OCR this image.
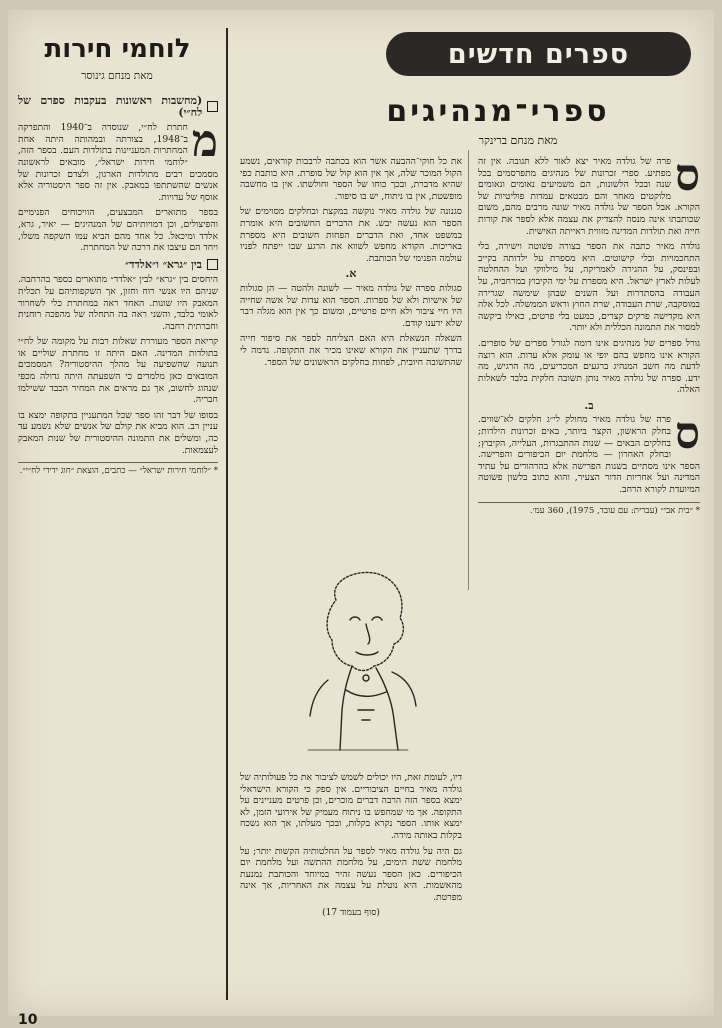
ספרים חדשים
ספרי־מנהיגים
מאת מנחם ברינקר

ס
פרה של גולדה מאיר יצא לאור ללא תגובה. אין זה מפתיע. ספרי זכרונות של מנהיגים מתפרסמים בכל שנה ובכל הלשונות, הם משמיעים נאומים ונאומים מלוקטים מאחר והם מבטאים עמדות פוליטיות של הקורא. אבל הספר של גולדה מאיר שונה מרבים מהם, משום שכותבתו אינה מנסה להצדיק את עצמה אלא לספר את קורות חייה ואת תולדות המדינה מזווית ראייתה האישית.

גולדה מאיר כתבה את הספר בצורה פשוטה וישירה, בלי התחכמויות ובלי קישוטים. היא מספרת על ילדותה בקייב ובפינסק, על ההגירה לאמריקה, על מילווקי ועל ההחלטה לעלות לארץ ישראל. היא מספרת על ימי הקיבוץ במרחביה, על העבודה בהסתדרות ועל השנים שבהן שימשה שגרירה במוסקבה, שרת העבודה, שרת החוץ וראש הממשלה. לכל אלה היא מקדישה פרקים קצרים, כמעט בלי פרטים, כאילו ביקשה למסור את התמונה הכללית ולא יותר.

גורל ספרים של מנהיגים אינו דומה לגורל ספרים של סופרים. הקורא אינו מחפש בהם יופי או עומק אלא עדות. הוא רוצה לדעת מה חשב המנהיג ברגעים המכריעים, מה הרגיש, מה ידע. ספרה של גולדה מאיר נותן תשובה חלקית בלבד לשאלות האלה.

ב.

ס
פרה של גולדה מאיר מחולק לי״ג חלקים לא־שווים. בחלק הראשון, הקצר ביותר, באים זכרונות הילדות; בחלקים הבאים — שנות ההתבגרות, העלייה, הקיבוץ; ובחלק האחרון — מלחמת יום הכיפורים והפרישה. הספר אינו מסתיים בשנות הפרישה אלא בהרהורים על עתיד המדינה ועל אחריות הדור הצעיר, והוא כתוב בלשון פשוטה המיועדת לקורא הרחב.

* ״בית אבי״ (עברית: עם עובד, 1975), 360 עמ׳.

את כל חוקי־ההבעה אשר הוא בכתבה לרבבות קוראים, נשמע הקול המוכר שלה, אך אין הוא קול של סופרת. היא כותבת כפי שהיא מדברת, ובכך כוחו של הספר וחולשתו. אין בו מחשבה מופשטת, אין בו ניתוח, יש בו סיפור.

סגנונה של גולדה מאיר נוקשה במקצת ובחלקים מסוימים של הספר הוא נעשה יבש. את הדברים החשובים היא אומרת במשפט אחד, ואת הדברים הפחות חשובים היא מספרת באריכות. הקורא מחפש לשווא את הרגע שבו ייפתח לפניו עולמה הפנימי של הכותבת.

א.

סגולות ספרה של גולדה מאיר — לשונה ולהטה — הן סגולות של אישיות ולא של ספרות. הספר הוא עדות של אשה שחייה היו חיי ציבור ולא חיים פרטיים, ומשום כך אין הוא מגלה דבר שלא ידענו קודם.

השאלה הנשאלת היא האם הצליחה לספר את סיפור חייה בדרך שתעניין את הקורא שאינו מכיר את התקופה. נדמה לי שהתשובה חיובית, לפחות בחלקים הראשונים של הספר.

דיו, לעומת זאת, היו יכולים לשמש לציבור את כל פעולותיה של גולדה מאיר בחיים הציבוריים. אין ספק כי הקורא הישראלי ימצא בספר הזה הרבה דברים מוכרים, וכן פרטים מעניינים על התקופה. אך מי שמחפש בו ניתוח מעמיק של אירועי הזמן, לא ימצא אותו. הספר נקרא בקלות, ובכך מעלתו, אך הוא נשכח בקלות באותה מידה.

גם היה על גולדה מאיר לספר על החלטותיה הקשות יותר; על מלחמת ששת הימים, על מלחמת ההתשה ועל מלחמת יום הכיפורים. כאן הספר נעשה זהיר במיוחד והכותבת נמנעת מהאשמות. היא נוטלת על עצמה את האחריות, אך אינה מפרטת.

(סוף בעמוד 17)
לוחמי חירות
מאת מנחם גינוסר
(מחשבות ראשונות בעקבות ספרם של לח״י)

מ
חתרת לח״י, שנוסדה ב־1940 והתפרקה ב־1948, בצורתה ובמהותה היתה אחת המחתרות המעניינות בתולדות העם. בספר הזה, ״לוחמי חירות ישראל״, מובאים לראשונה מסמכים רבים מתולדות הארגון, ולצדם זכרונות של אנשים שהשתתפו במאבק. אין זה ספר היסטוריה אלא אוסף של עדויות.

בספר מתוארים המבצעים, הוויכוחים הפנימיים והפיצולים, וכן דמויותיהם של המנהיגים — יאיר, גרא, אלדד ומיכאל. כל אחד מהם הביא עמו השקפה משלו, ויחד הם עיצבו את דרכה של המחתרת.

בין ״גרא״ ו״אלדד״

היחסים בין ״גרא״ לבין ״אלדד״ מתוארים בספר בהרחבה. שניהם היו אנשי רוח וחזון, אך השקפותיהם על תכלית המאבק היו שונות. האחד ראה במחתרת כלי לשחרור לאומי בלבד, והשני ראה בה התחלה של מהפכה רוחנית וחברתית רחבה.

קריאת הספר מעוררת שאלות רבות על מקומה של לח״י בתולדות המדינה. האם היתה זו מחתרת שוליים או תנועה שהשפיעה על מהלך ההיסטוריה? המסמכים המובאים כאן מלמדים כי השפעתה היתה גדולה מכפי שנהוג לחשוב, אך גם מראים את המחיר הכבד ששילמו חבריה.

בסופו של דבר זהו ספר שכל המתעניין בתקופה ימצא בו עניין רב. הוא מביא את קולם של אנשים שלא נשמע עד כה, ומשלים את התמונה ההיסטורית של שנות המאבק לעצמאות.

* ״לוחמי חירות ישראל״ — כתבים, הוצאת ״חוג ידידי לח״י״.
10
